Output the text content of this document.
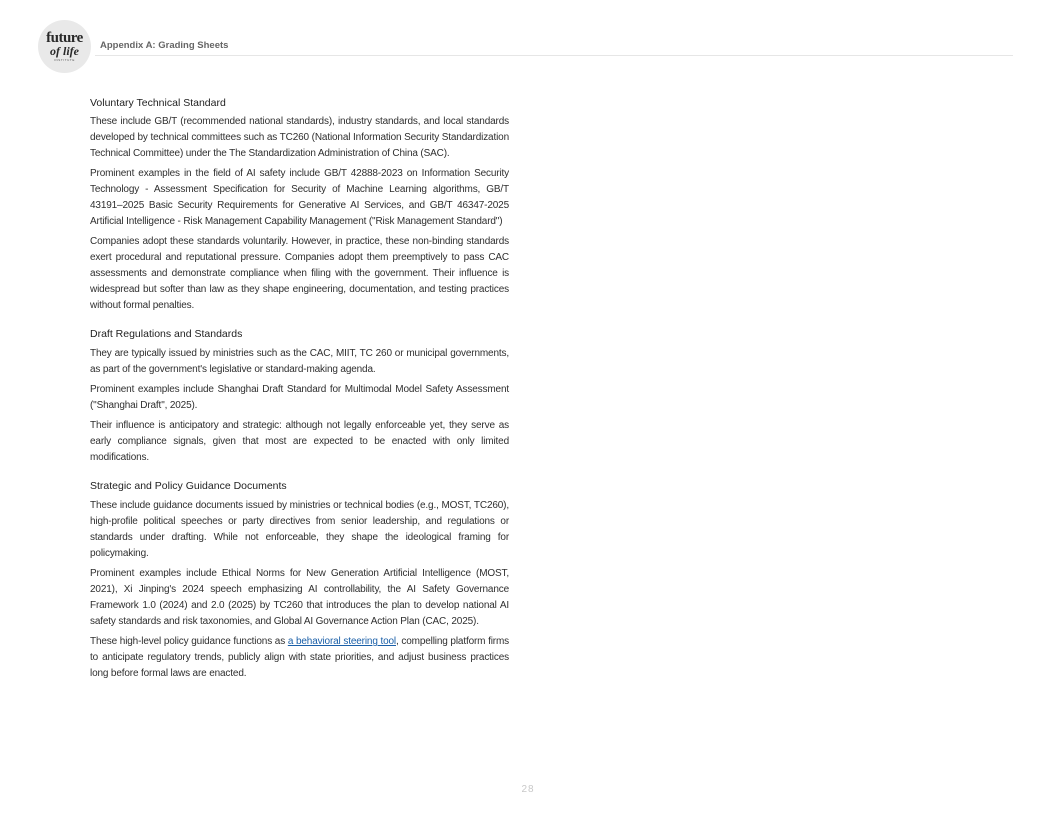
future
of life
INSTITUTE
Appendix A: Grading Sheets
Voluntary Technical Standard

These include GB/T (recommended national standards), industry standards, and local standards developed by technical committees such as TC260 (National Information Security Standardization Technical Committee) under the The Standardization Administration of China (SAC).

Prominent examples in the field of AI safety include GB/T 42888-2023 on Information Security Technology - Assessment Specification for Security of Machine Learning algorithms, GB/T 43191–2025 Basic Security Requirements for Generative AI Services, and GB/T 46347-2025 Artificial Intelligence - Risk Management Capability Management ("Risk Management Standard")

Companies adopt these standards voluntarily. However, in practice, these non-binding standards exert procedural and reputational pressure. Companies adopt them preemptively to pass CAC assessments and demonstrate compliance when filing with the government. Their influence is widespread but softer than law as they shape engineering, documentation, and testing practices without formal penalties.

Draft Regulations and Standards

They are typically issued by ministries such as the CAC, MIIT, TC 260 or municipal governments, as part of the government's legislative or standard-making agenda.

Prominent examples include Shanghai Draft Standard for Multimodal Model Safety Assessment ("Shanghai Draft", 2025).

Their influence is anticipatory and strategic: although not legally enforceable yet, they serve as early compliance signals, given that most are expected to be enacted with only limited modifications.

Strategic and Policy Guidance Documents

These include guidance documents issued by ministries or technical bodies (e.g., MOST, TC260), high-profile political speeches or party directives from senior leadership, and regulations or standards under drafting. While not enforceable, they shape the ideological framing for policymaking.

Prominent examples include Ethical Norms for New Generation Artificial Intelligence (MOST, 2021), Xi Jinping's 2024 speech emphasizing AI controllability, the AI Safety Governance Framework 1.0 (2024) and 2.0 (2025) by TC260 that introduces the plan to develop national AI safety standards and risk taxonomies, and Global AI Governance Action Plan (CAC, 2025).

These high-level policy guidance functions as a behavioral steering tool, compelling platform firms to anticipate regulatory trends, publicly align with state priorities, and adjust business practices long before formal laws are enacted.

28
